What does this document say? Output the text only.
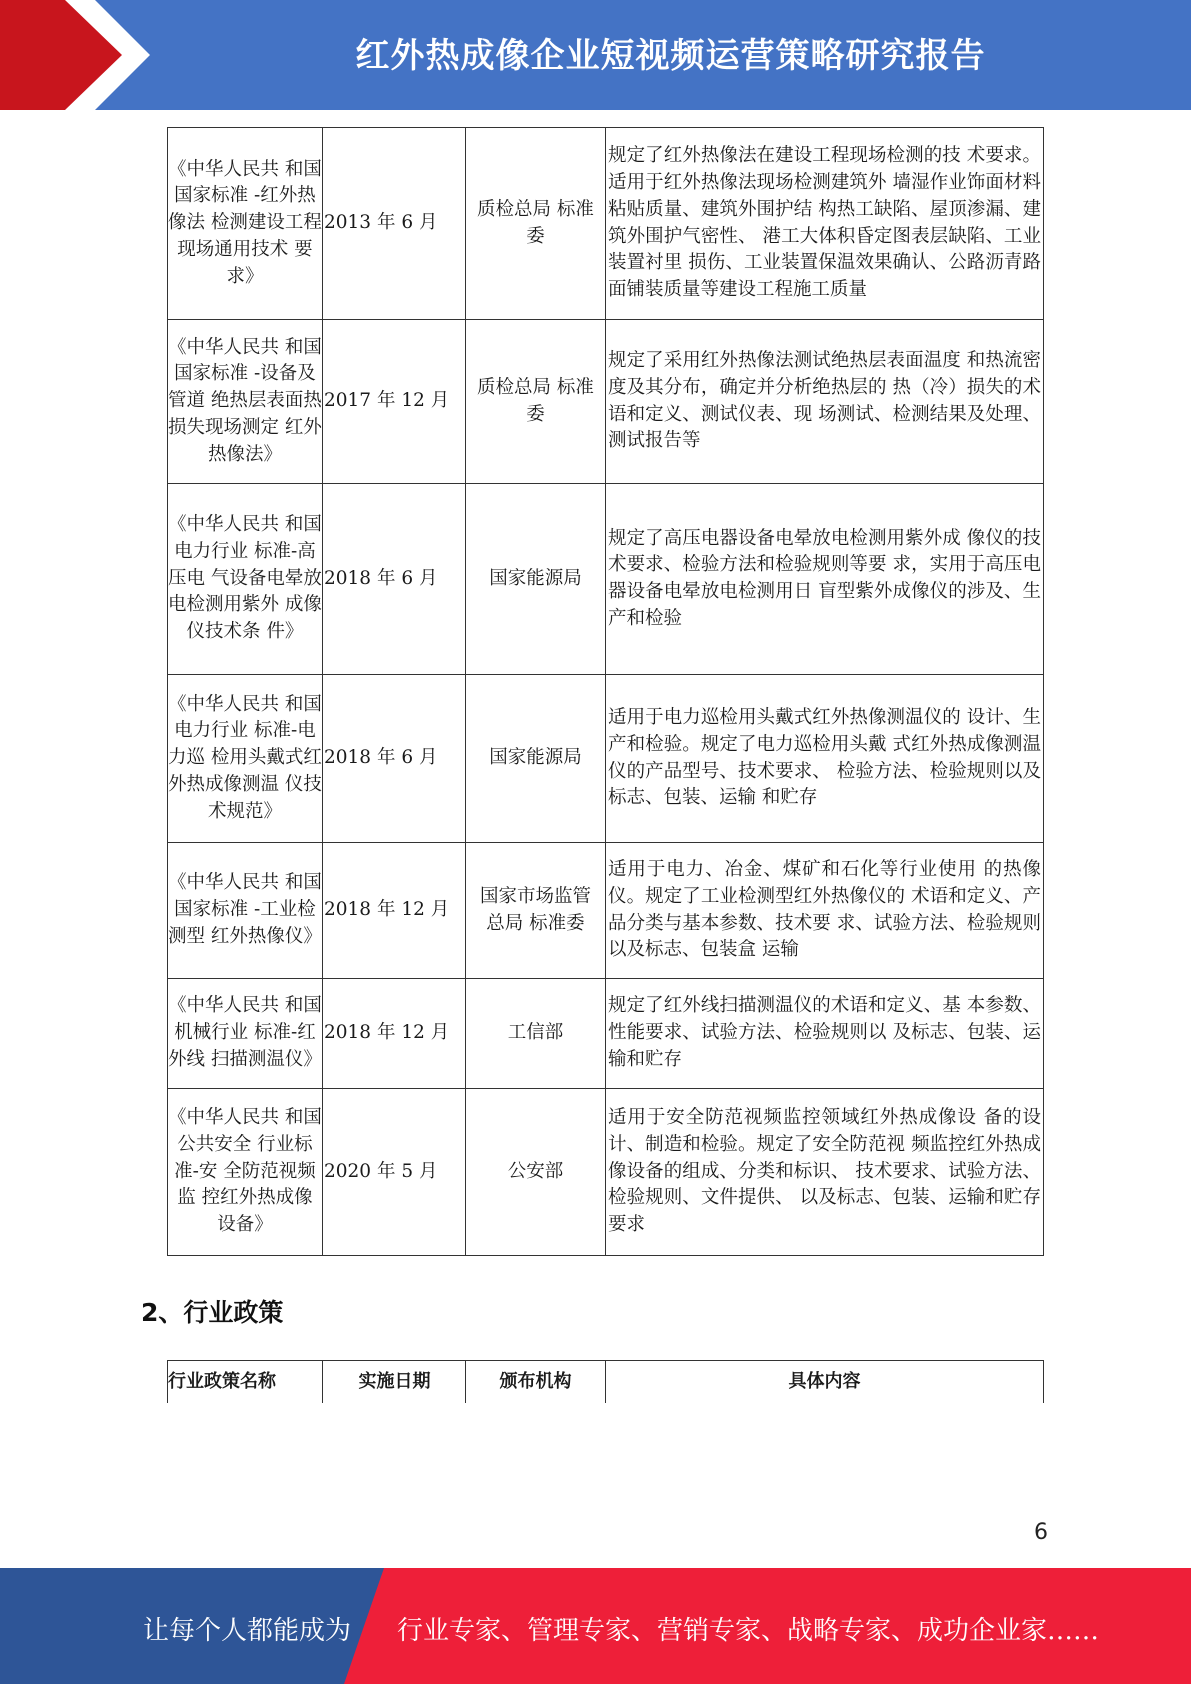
红外热成像企业短视频运营策略研究报告
《中华人民共 和国国家标准 -红外热像法 检测建设工程 现场通用技术 要求》	2013 年 6 月	质检总局 标准委	规定了红外热像法在建设工程现场检测的技 术要求。适用于红外热像法现场检测建筑外 墙湿作业饰面材料粘贴质量、建筑外围护结 构热工缺陷、屋顶渗漏、建筑外围护气密性、 港工大体积昏定图表层缺陷、工业装置衬里 损伤、工业装置保温效果确认、公路沥青路 面铺装质量等建设工程施工质量
《中华人民共 和国国家标准 -设备及管道 绝热层表面热 损失现场测定 红外热像法》	2017 年 12 月	质检总局 标准委	规定了采用红外热像法测试绝热层表面温度 和热流密度及其分布，确定并分析绝热层的 热（冷）损失的术语和定义、测试仪表、现 场测试、检测结果及处理、测试报告等
《中华人民共 和国电力行业 标准-高压电 气设备电晕放 电检测用紫外 成像仪技术条 件》	2018 年 6 月	国家能源局	规定了高压电器设备电晕放电检测用紫外成 像仪的技术要求、检验方法和检验规则等要 求，实用于高压电器设备电晕放电检测用日 盲型紫外成像仪的涉及、生产和检验
《中华人民共 和国电力行业 标准-电力巡 检用头戴式红 外热成像测温 仪技术规范》	2018 年 6 月	国家能源局	适用于电力巡检用头戴式红外热像测温仪的 设计、生产和检验。规定了电力巡检用头戴 式红外热成像测温仪的产品型号、技术要求、 检验方法、检验规则以及标志、包装、运输 和贮存
《中华人民共 和国国家标准 -工业检测型 红外热像仪》	2018 年 12 月	国家市场监管总局 标准委	适用于电力、冶金、煤矿和石化等行业使用 的热像仪。规定了工业检测型红外热像仪的 术语和定义、产品分类与基本参数、技术要 求、试验方法、检验规则以及标志、包装盒 运输
《中华人民共 和国机械行业 标准-红外线 扫描测温仪》	2018 年 12 月	工信部	规定了红外线扫描测温仪的术语和定义、基 本参数、性能要求、试验方法、检验规则以 及标志、包装、运输和贮存
《中华人民共 和国公共安全 行业标准-安 全防范视频监 控红外热成像 设备》	2020 年 5 月	公安部	适用于安全防范视频监控领域红外热成像设 备的设计、制造和检验。规定了安全防范视 频监控红外热成像设备的组成、分类和标识、 技术要求、试验方法、检验规则、文件提供、 以及标志、包装、运输和贮存要求
2、行业政策
行业政策名称	实施日期	颁布机构	具体内容
6
让每个人都能成为 行业专家、管理专家、营销专家、战略专家、成功企业家……
